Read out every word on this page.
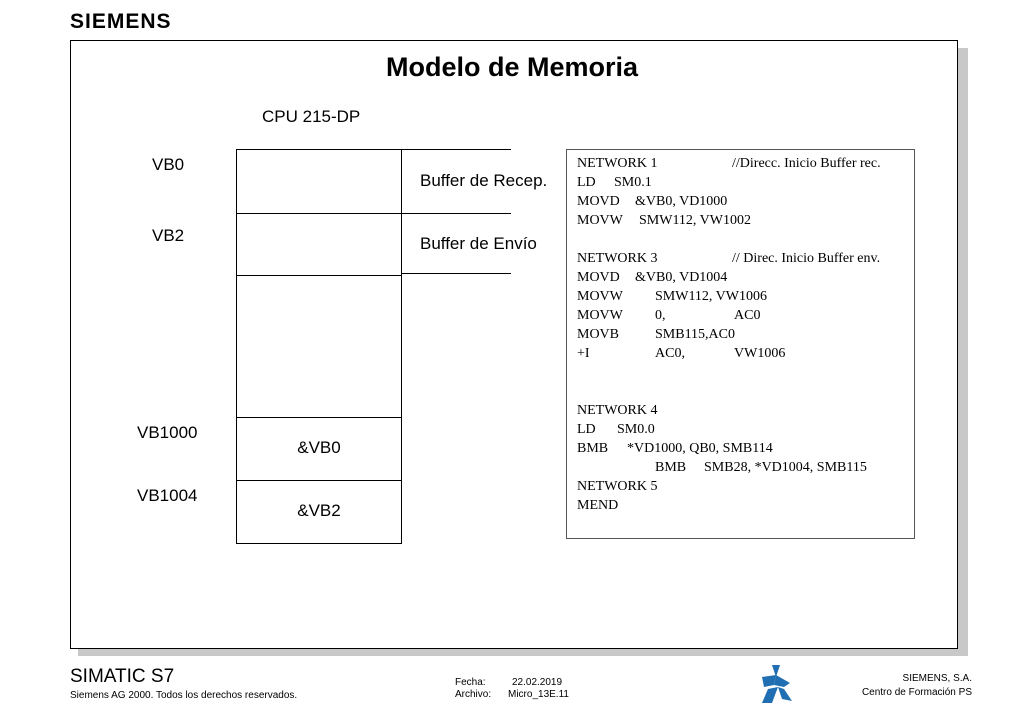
SIEMENS
Modelo de Memoria
CPU 215-DP
VB0
VB2
VB1000
VB1004
&VB0
&VB2
Buffer de Recep.
Buffer de Envío
NETWORK 1	//Direcc. Inicio Buffer rec.
LD SM0.1
MOVD &VB0, VD1000
MOVW SMW112, VW1002
NETWORK 3	// Direc. Inicio Buffer env.
MOVD &VB0, VD1004
MOVW SMW112, VW1006
MOVW 0,	AC0
MOVB	SMB115,AC0
+I	AC0,	VW1006
NETWORK 4
LD SM0.0
BMB *VD1000, QB0, SMB114
BMB SMB28, *VD1004, SMB115
NETWORK 5
MEND
SIMATIC S7
Siemens AG 2000. Todos los derechos reservados.
Fecha:	22.02.2019
Archivo: Micro_13E.11
SIEMENS, S.A.
Centro de Formación PS
